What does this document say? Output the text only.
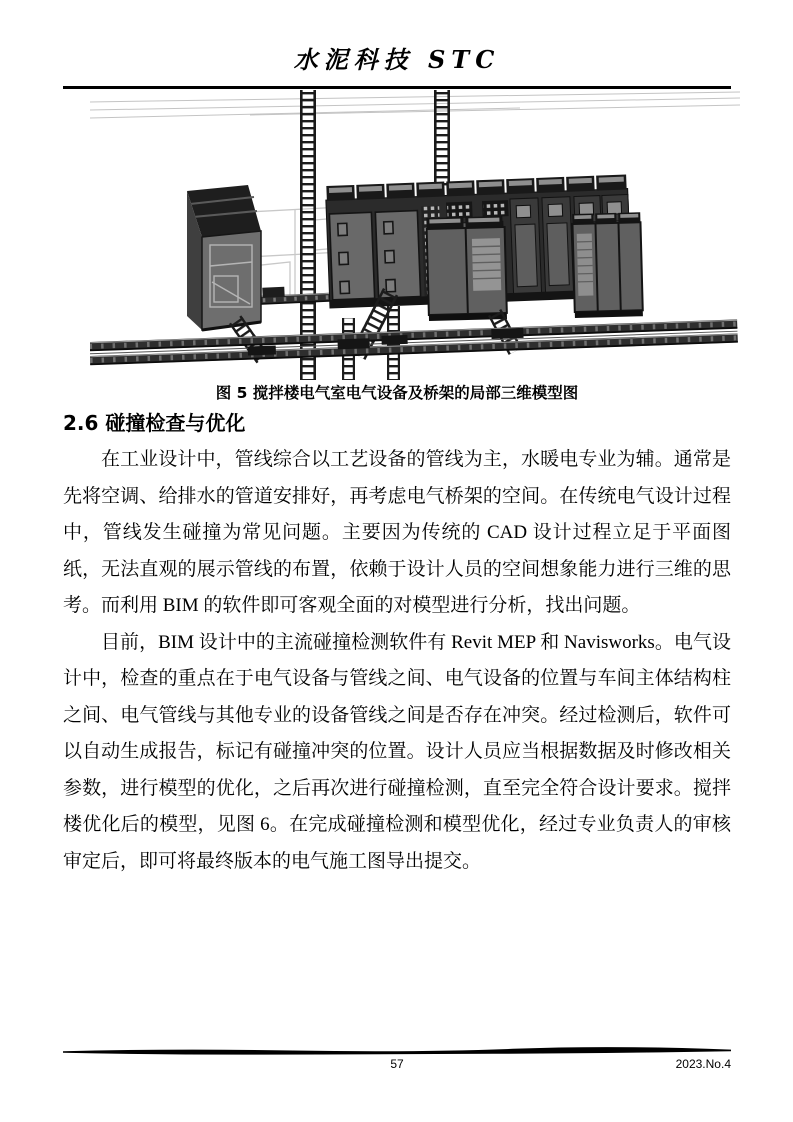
水泥科技 STC
图 5 搅拌楼电气室电气设备及桥架的局部三维模型图
2.6 碰撞检查与优化

在工业设计中，管线综合以工艺设备的管线为主，水暖电专业为辅。通常是先将空调、给排水的管道安排好，再考虑电气桥架的空间。在传统电气设计过程中，管线发生碰撞为常见问题。主要因为传统的 CAD 设计过程立足于平面图纸，无法直观的展示管线的布置，依赖于设计人员的空间想象能力进行三维的思考。而利用 BIM 的软件即可客观全面的对模型进行分析，找出问题。

目前，BIM 设计中的主流碰撞检测软件有 Revit MEP 和 Navisworks。电气设计中，检查的重点在于电气设备与管线之间、电气设备的位置与车间主体结构柱之间、电气管线与其他专业的设备管线之间是否存在冲突。经过检测后，软件可以自动生成报告，标记有碰撞冲突的位置。设计人员应当根据数据及时修改相关参数，进行模型的优化，之后再次进行碰撞检测，直至完全符合设计要求。搅拌楼优化后的模型，见图 6。在完成碰撞检测和模型优化，经过专业负责人的审核审定后，即可将最终版本的电气施工图导出提交。

57	2023.No.4
